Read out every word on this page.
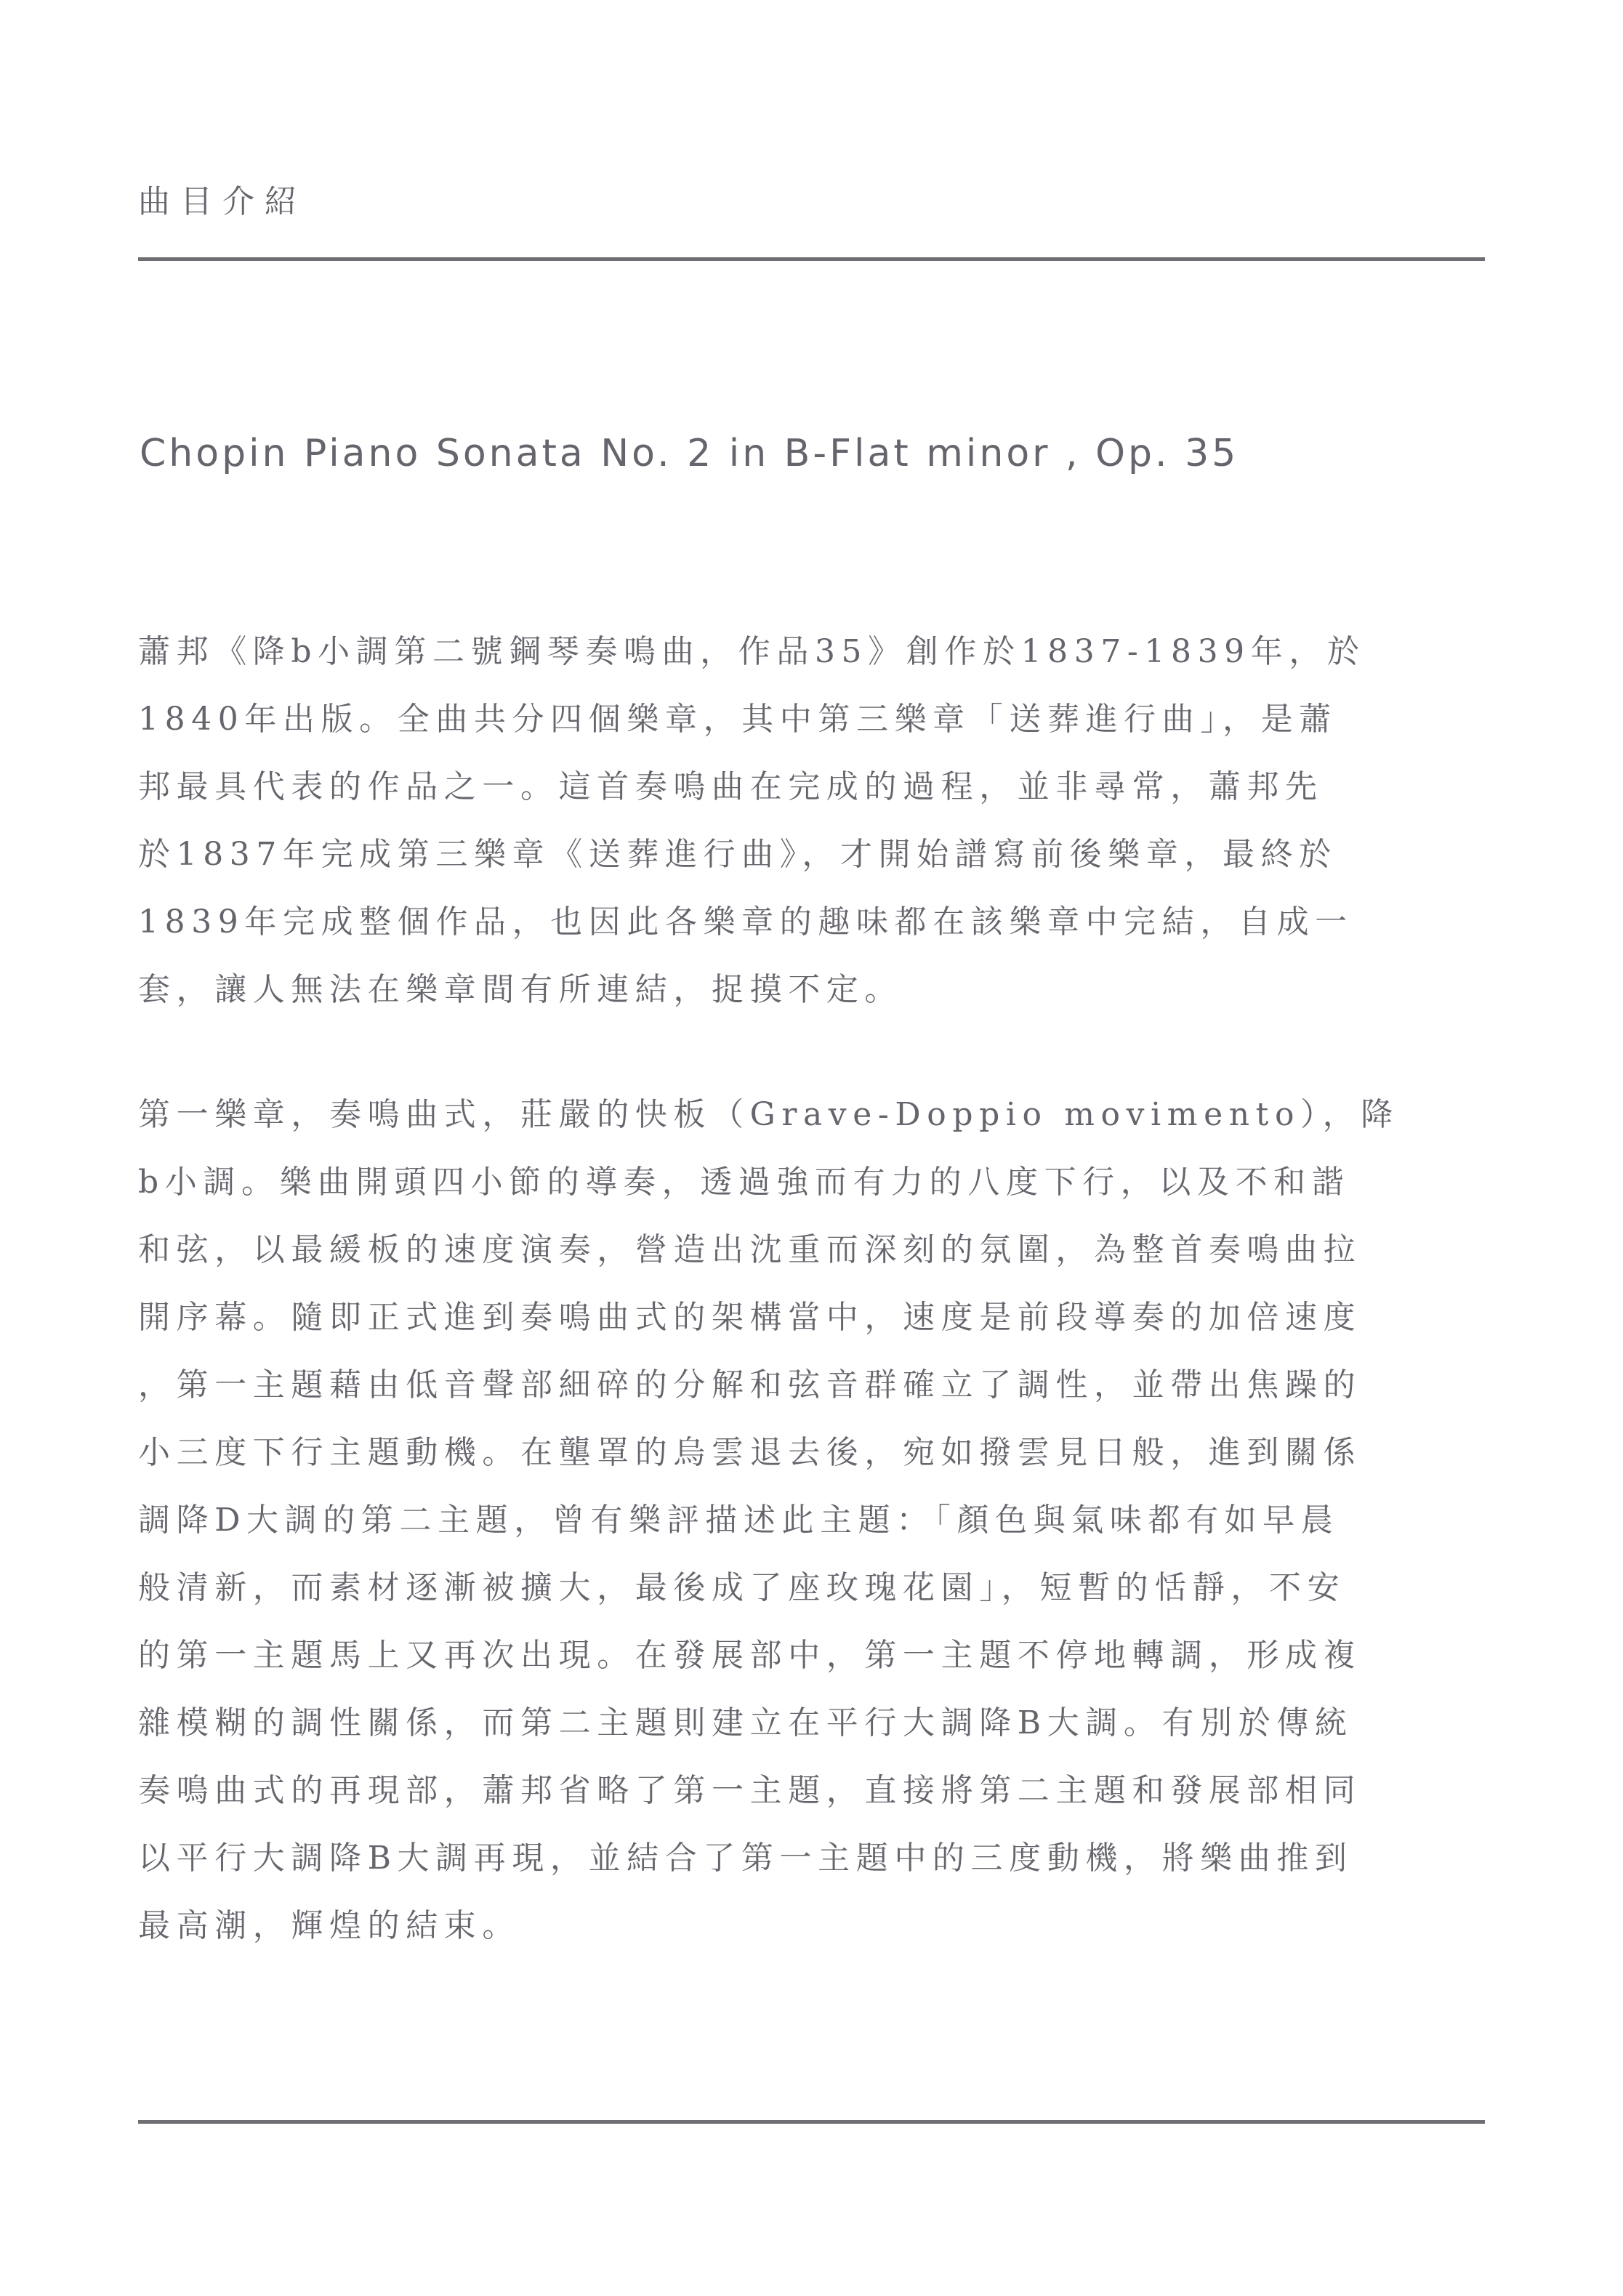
曲目介紹
Chopin Piano Sonata No. 2 in B-Flat minor , Op. 35

蕭邦《降b小調第二號鋼琴奏鳴曲，作品35》創作於1837-1839年，於
1840年出版。全曲共分四個樂章，其中第三樂章「送葬進行曲」，是蕭
邦最具代表的作品之一。這首奏鳴曲在完成的過程，並非尋常，蕭邦先
於1837年完成第三樂章《送葬進行曲》，才開始譜寫前後樂章，最終於
1839年完成整個作品，也因此各樂章的趣味都在該樂章中完結，自成一
套，讓人無法在樂章間有所連結，捉摸不定。

第一樂章，奏鳴曲式，莊嚴的快板（Grave-Doppio movimento），降
b小調。樂曲開頭四小節的導奏，透過強而有力的八度下行，以及不和諧
和弦，以最緩板的速度演奏，營造出沈重而深刻的氛圍，為整首奏鳴曲拉
開序幕。隨即正式進到奏鳴曲式的架構當中，速度是前段導奏的加倍速度
，第一主題藉由低音聲部細碎的分解和弦音群確立了調性，並帶出焦躁的
小三度下行主題動機。在壟罩的烏雲退去後，宛如撥雲見日般，進到關係
調降D大調的第二主題，曾有樂評描述此主題：「顏色與氣味都有如早晨
般清新，而素材逐漸被擴大，最後成了座玫瑰花園」，短暫的恬靜，不安
的第一主題馬上又再次出現。在發展部中，第一主題不停地轉調，形成複
雜模糊的調性關係，而第二主題則建立在平行大調降B大調。有別於傳統
奏鳴曲式的再現部，蕭邦省略了第一主題，直接將第二主題和發展部相同
以平行大調降B大調再現，並結合了第一主題中的三度動機，將樂曲推到
最高潮，輝煌的結束。
